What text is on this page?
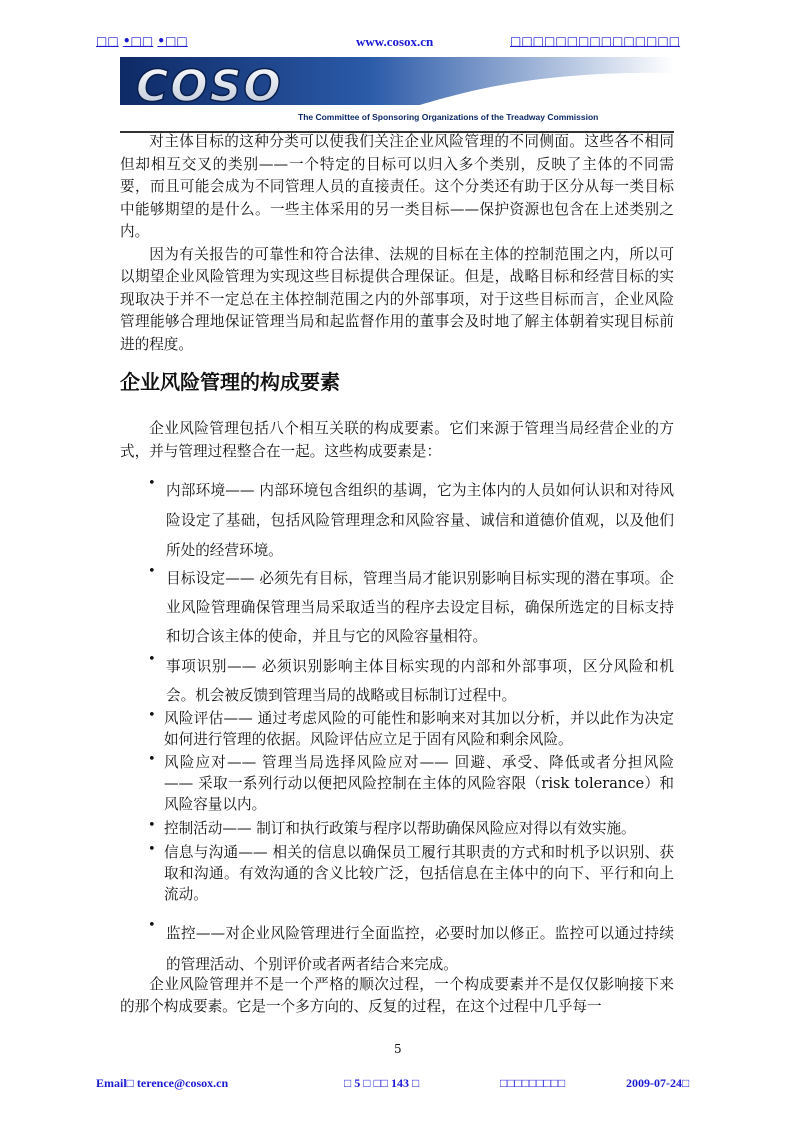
□□ •□□ •□□	www.cosox.cn	□□□□□□□□□□□□□□□
COSO
The Committee of Sponsoring Organizations of the Treadway Commission

对主体目标的这种分类可以使我们关注企业风险管理的不同侧面。这些各不相同但却相互交叉的类别——一个特定的目标可以归入多个类别，反映了主体的不同需要，而且可能会成为不同管理人员的直接责任。这个分类还有助于区分从每一类目标中能够期望的是什么。一些主体采用的另一类目标——保护资源也包含在上述类别之内。

因为有关报告的可靠性和符合法律、法规的目标在主体的控制范围之内，所以可以期望企业风险管理为实现这些目标提供合理保证。但是，战略目标和经营目标的实现取决于并不一定总在主体控制范围之内的外部事项，对于这些目标而言，企业风险管理能够合理地保证管理当局和起监督作用的董事会及时地了解主体朝着实现目标前进的程度。

企业风险管理的构成要素

企业风险管理包括八个相互关联的构成要素。它们来源于管理当局经营企业的方式，并与管理过程整合在一起。这些构成要素是：

• 内部环境—— 内部环境包含组织的基调，它为主体内的人员如何认识和对待风险设定了基础，包括风险管理理念和风险容量、诚信和道德价值观，以及他们所处的经营环境。
• 目标设定—— 必须先有目标，管理当局才能识别影响目标实现的潜在事项。企业风险管理确保管理当局采取适当的程序去设定目标，确保所选定的目标支持和切合该主体的使命，并且与它的风险容量相符。
• 事项识别—— 必须识别影响主体目标实现的内部和外部事项，区分风险和机会。机会被反馈到管理当局的战略或目标制订过程中。
• 风险评估—— 通过考虑风险的可能性和影响来对其加以分析，并以此作为决定如何进行管理的依据。风险评估应立足于固有风险和剩余风险。
• 风险应对—— 管理当局选择风险应对—— 回避、承受、降低或者分担风险 —— 采取一系列行动以便把风险控制在主体的风险容限（risk tolerance）和风险容量以内。
• 控制活动—— 制订和执行政策与程序以帮助确保风险应对得以有效实施。
• 信息与沟通—— 相关的信息以确保员工履行其职责的方式和时机予以识别、获取和沟通。有效沟通的含义比较广泛，包括信息在主体中的向下、平行和向上流动。
• 监控——对企业风险管理进行全面监控，必要时加以修正。监控可以通过持续的管理活动、个别评价或者两者结合来完成。

企业风险管理并不是一个严格的顺次过程，一个构成要素并不是仅仅影响接下来的那个构成要素。它是一个多方向的、反复的过程，在这个过程中几乎每一

5
Email□ terence@cosox.cn	□ 5 □ □□ 143 □	□□□□□□□□□	2009-07-24□
